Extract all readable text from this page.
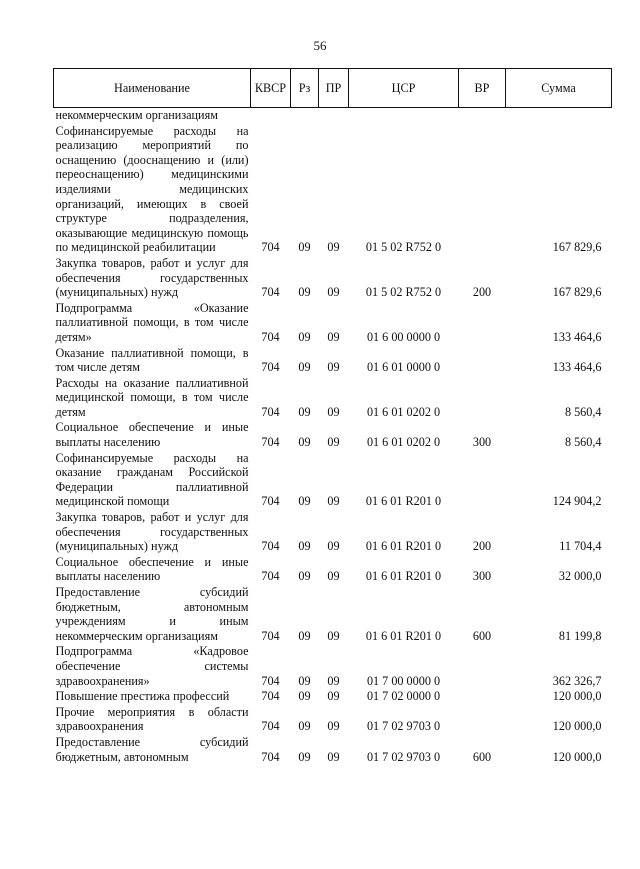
56
Наименование	КВСР	Рз	ПР	ЦСР	ВР	Сумма
некоммерческим организациям						
Софинансируемые расходы на реализацию мероприятий по оснащению (дооснащению и (или) переоснащению) медицинскими изделиями медицинских организаций, имеющих в своей структуре подразделения, оказывающие медицинскую помощь по медицинской реабилитации	704	09	09	01 5 02 R752 0		167 829,6
Закупка товаров, работ и услуг для обеспечения государственных (муниципальных) нужд	704	09	09	01 5 02 R752 0	200	167 829,6
Подпрограмма «Оказание паллиативной помощи, в том числе детям»	704	09	09	01 6 00 0000 0		133 464,6
Оказание паллиативной помощи, в том числе детям	704	09	09	01 6 01 0000 0		133 464,6
Расходы на оказание паллиативной медицинской помощи, в том числе детям	704	09	09	01 6 01 0202 0		8 560,4
Социальное обеспечение и иные выплаты населению	704	09	09	01 6 01 0202 0	300	8 560,4
Софинансируемые расходы на оказание гражданам Российской Федерации паллиативной медицинской помощи	704	09	09	01 6 01 R201 0		124 904,2
Закупка товаров, работ и услуг для обеспечения государственных (муниципальных) нужд	704	09	09	01 6 01 R201 0	200	11 704,4
Социальное обеспечение и иные выплаты населению	704	09	09	01 6 01 R201 0	300	32 000,0
Предоставление субсидий бюджетным, автономным учреждениям и иным некоммерческим организациям	704	09	09	01 6 01 R201 0	600	81 199,8
Подпрограмма «Кадровое обеспечение системы здравоохранения»	704	09	09	01 7 00 0000 0		362 326,7
Повышение престижа профессий	704	09	09	01 7 02 0000 0		120 000,0
Прочие мероприятия в области здравоохранения	704	09	09	01 7 02 9703 0		120 000,0
Предоставление субсидий бюджетным, автономным	704	09	09	01 7 02 9703 0	600	120 000,0
